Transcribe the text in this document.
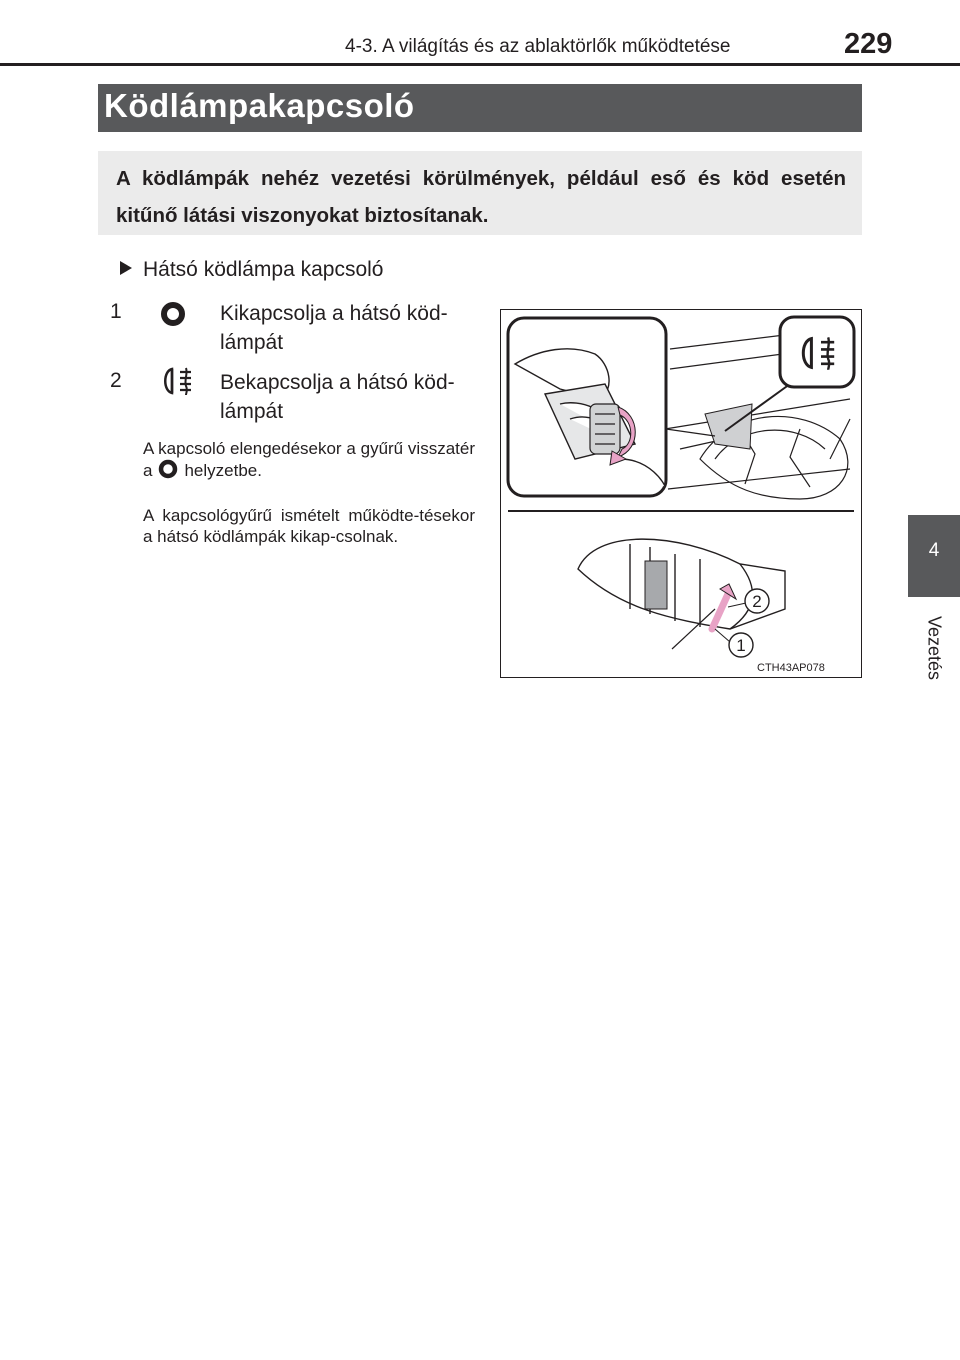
4-3. A világítás és az ablaktörlők működtetése	229
4
Vezetés
Ködlámpakapcsoló
A ködlámpák nehéz vezetési körülmények, például eső és köd esetén kitűnő látási viszonyokat biztosítanak.
Hátsó ködlámpa kapcsoló
1	Kikapcsolja a hátsó köd-lámpát
2	Bekapcsolja a hátsó köd-lámpát
A kapcsoló elengedésekor a gyűrű visszatér a helyzetbe.
A kapcsológyűrű ismételt működte-tésekor a hátsó ködlámpák kikap-csolnak.
2
1
CTH43AP078
